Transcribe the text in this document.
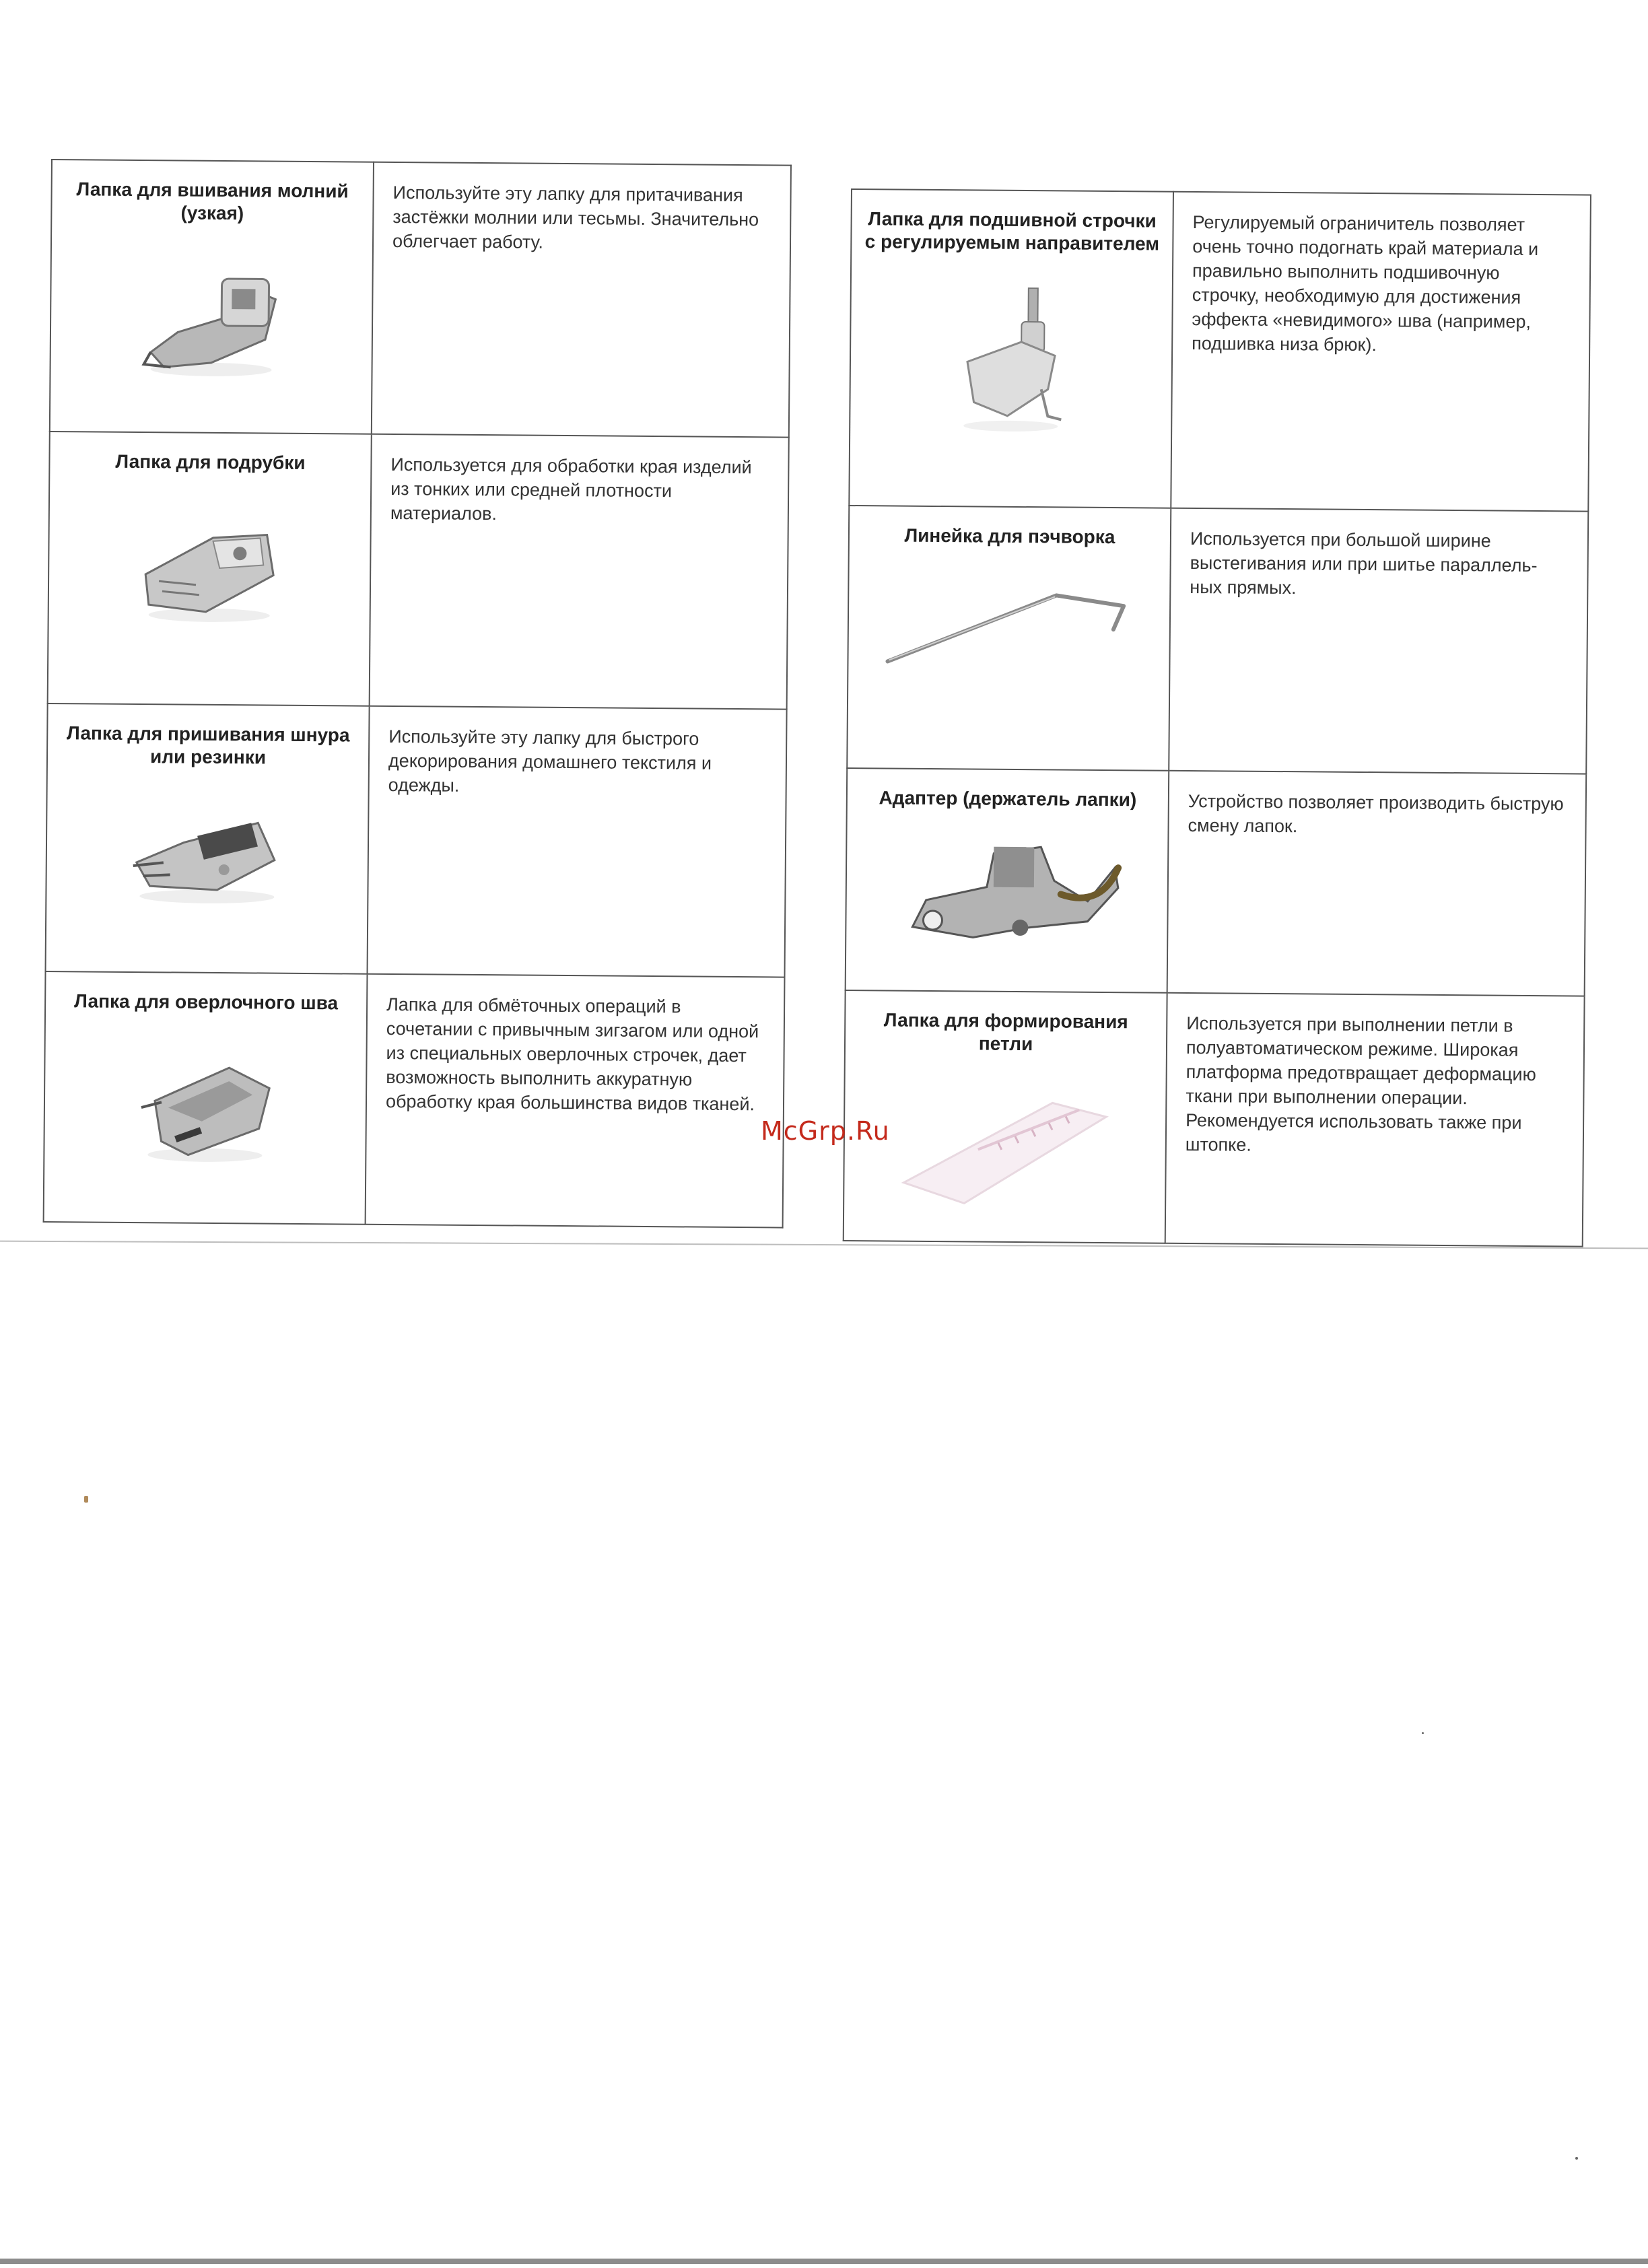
Лапка для вшивания молний (узкая)	Используйте эту лапку для притачивания застёжки молнии или тесьмы. Значительно облегчает работу.

Лапка для подрубки	Используется для обработки края изделий из тонких или средней плотности материалов.

Лапка для пришивания шнура или резинки	Используйте эту лапку для быстрого декорирования домашнего текстиля и одежды.

Лапка для оверлочного шва	Лапка для обмёточных операций в сочетании с привычным зигзагом или одной из специальных оверлочных строчек, дает возможность выполнить аккуратную обработку края большинства видов тканей.
Лапка для подшивной строчки с регулируемым направителем	Регулируемый ограничитель позволяет очень точно подогнать край материала и правильно выполнить подшивочную строчку, необходимую для достижения эффекта «невидимого» шва (например, подшивка низа брюк).

Линейка для пэчворка	Используется при большой ширине выстегивания или при шитье параллель-ных прямых.

Адаптер (держатель лапки)	Устройство позволяет производить быструю смену лапок.

Лапка для формирования петли	Используется при выполнении петли в полуавтоматическом режиме. Широкая платформа предотвращает деформацию ткани при выполнении операции. Рекомендуется использовать также при штопке.
McGrp.Ru
